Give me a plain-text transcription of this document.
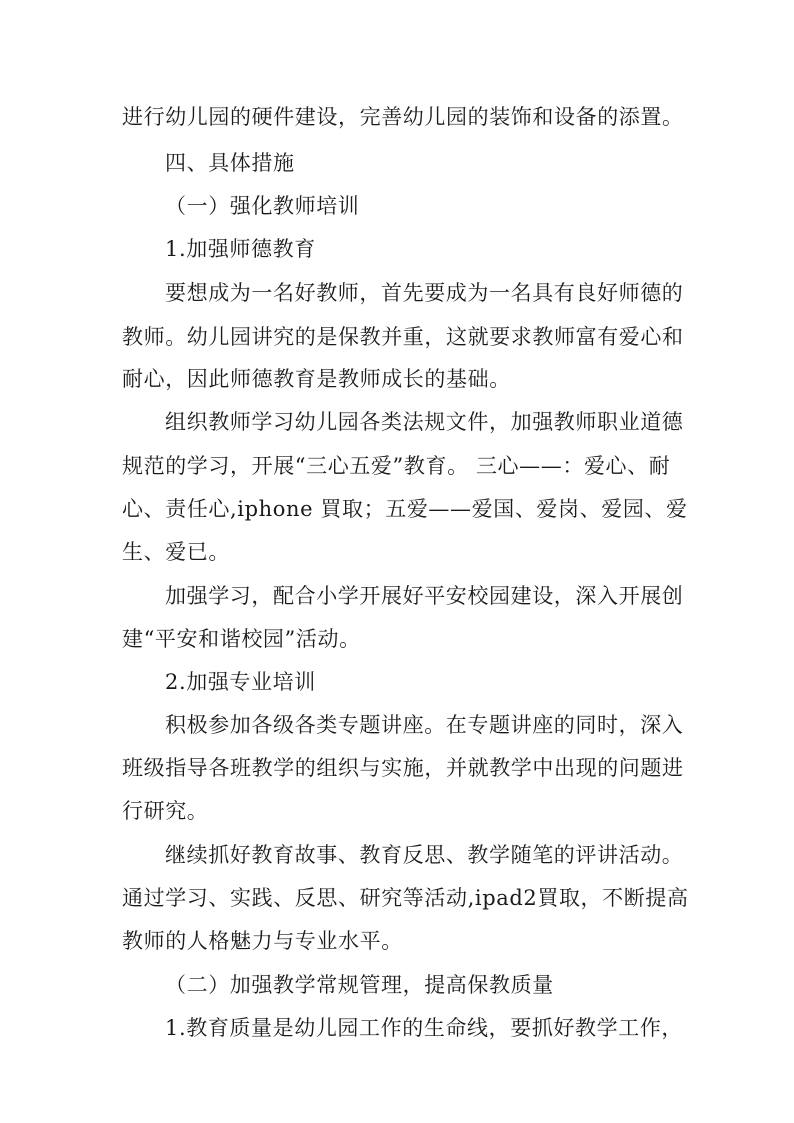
进行幼儿园的硬件建设，完善幼儿园的装饰和设备的添置。
四、具体措施
（一）强化教师培训
1.加强师德教育
要想成为一名好教师，首先要成为一名具有良好师德的
教师。幼儿园讲究的是保教并重，这就要求教师富有爱心和
耐心，因此师德教育是教师成长的基础。
组织教师学习幼儿园各类法规文件，加强教师职业道德
规范的学习，开展“三心五爱”教育。 三心——：爱心、耐
心、责任心,iphone 買取；五爱——爱国、爱岗、爱园、爱
生、爱已。
加强学习，配合小学开展好平安校园建设，深入开展创
建“平安和谐校园”活动。
2.加强专业培训
积极参加各级各类专题讲座。在专题讲座的同时，深入
班级指导各班教学的组织与实施，并就教学中出现的问题进
行研究。
继续抓好教育故事、教育反思、教学随笔的评讲活动。
通过学习、实践、反思、研究等活动,ipad2買取，不断提高
教师的人格魅力与专业水平。
（二）加强教学常规管理，提高保教质量
1.教育质量是幼儿园工作的生命线，要抓好教学工作，
